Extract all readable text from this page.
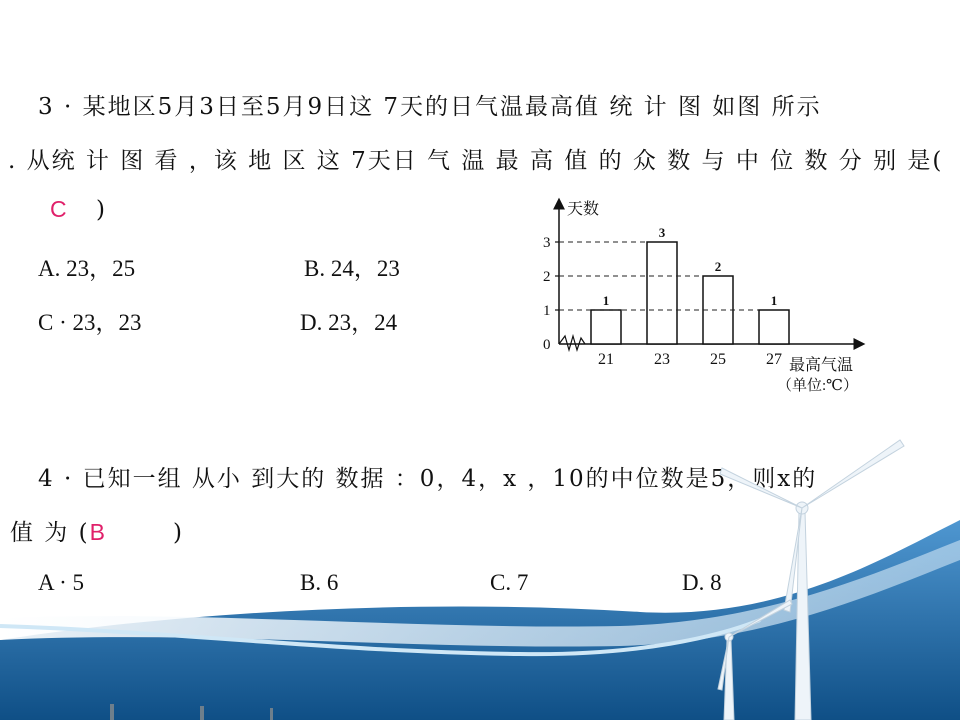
3 · 某地区5月3日至5月9日这 7天的日气温最高值 统 计 图 如图 所示
. 从统 计 图 看 ，该 地 区 这 7天日 气 温 最 高 值 的 众 数 与 中 位 数 分 别 是(
C )
A. 23，25	B. 24，23
C · 23，23	D. 23，24
天数
最高气温
（单位:℃）
0
1
2
3
1
21
3
23
2
25
1
27
4 · 已知一组 从小 到大的 数据 ：0，4，x ，10的中位数是5，则x的
值 为 (B	)
A · 5	B. 6	C. 7	D. 8
